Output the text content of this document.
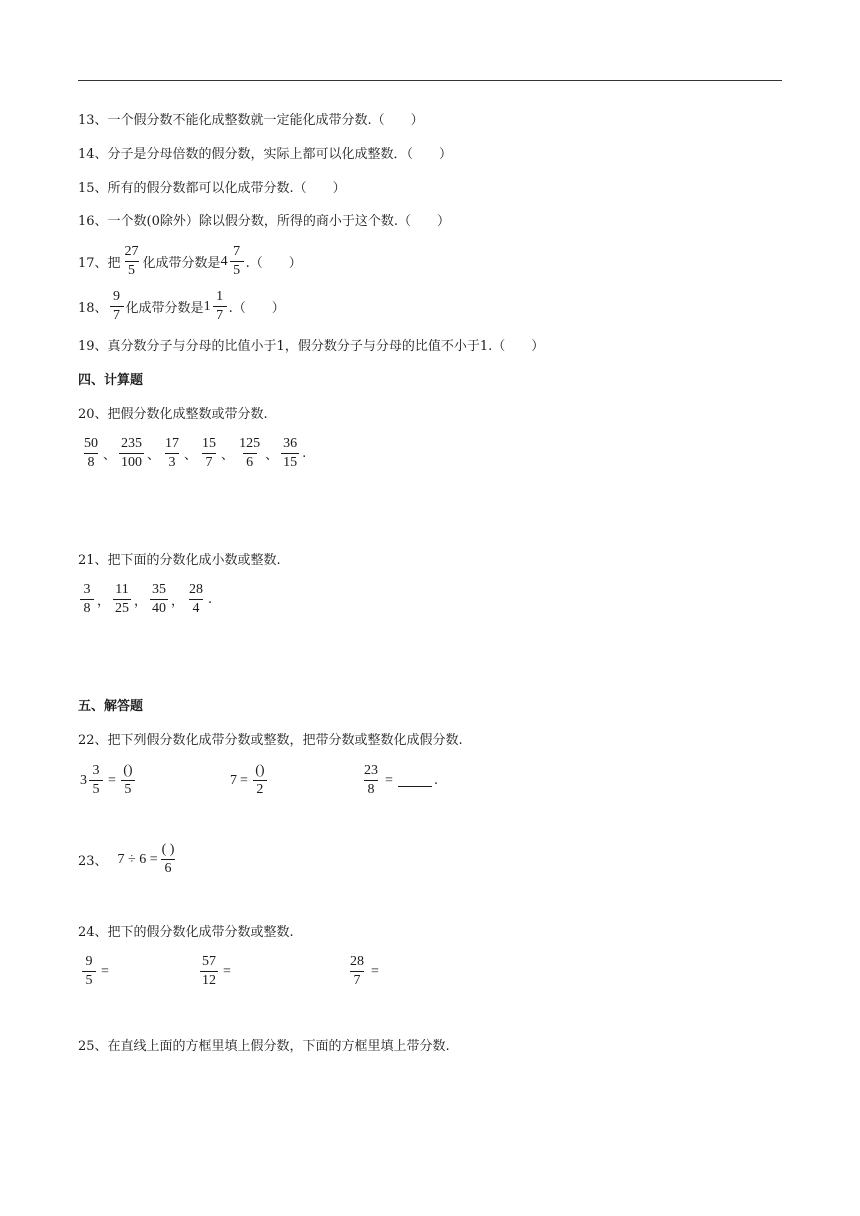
13、一个假分数不能化成整数就一定能化成带分数.（　　）
14、分子是分母倍数的假分数，实际上都可以化成整数．（　　）
15、所有的假分数都可以化成带分数.（　　）
16、一个数(0除外）除以假分数，所得的商小于这个数.（　　）
17、把 $\frac{27}{5}$ 化成带分数是 $4 \frac{7}{5}$ .（　　）
18、 $\frac{9}{7}$ 化成带分数是 $1 \frac{1}{7}$ .（　　）
19、真分数分子与分母的比值小于1，假分数分子与分母的比值不小于1.（　　）
四、计算题
20、把假分数化成整数或带分数.
$\frac{50}{8}$ 、 $\frac{235}{100}$ 、 $\frac{17}{3}$ 、 $\frac{15}{7}$ 、 $\frac{125}{6}$ 、 $\frac{36}{15}$ .
21、把下面的分数化成小数或整数.
$\frac{3}{8}$ ， $\frac{11}{25}$ ， $\frac{35}{40}$ ， $\frac{28}{4}$ .
五、解答题
22、把下列假分数化成带分数或整数，把带分数或整数化成假分数.
$3 \frac{3}{5} = \frac{()}{5}$	$7 = \frac{()}{2}$	$\frac{23}{8}$ =	.
23、 $7 \div 6 = \frac{( )}{6}$
24、把下的假分数化成带分数或整数.
$\frac{9}{5}$ =	$\frac{57}{12}$ =	$\frac{28}{7}$ =
25、在直线上面的方框里填上假分数，下面的方框里填上带分数.
